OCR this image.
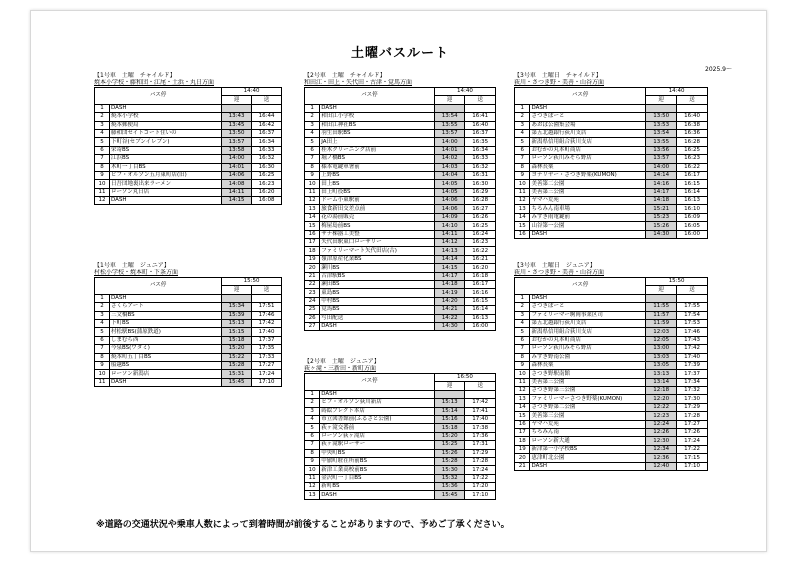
土曜バスルート
2025.9～
【1号車　土曜　チャイルド】
焼本小学校・藤和団・江尾・土浜・丸日方面
バス停		14:40	
		迎	送
1	DASH		
2	焼本小学校	13:43	16:44
3	焼本郵便局	13:45	16:42
4	藤和団セイトコート住いの	13:50	16:37
5	下町谷(セブンイレブン)	13:57	16:34
6	栄寄BS	13:58	16:33
7	江浜BS	14:00	16:32
8	木町一丁目BS	14:01	16:30
9	ビフ・オルゾン五月東町店(旧)	14:06	16:25
10	日吾団地裏出来ラーメン	14:08	16:23
11	ローソン丸日店	14:11	16:20
12	DASH	14:15	16:08
【2号車　土曜　チャイルド】
和田江・田上・矢代田・古津・覚馬方面
バス停		14:40	
		迎	送
1	DASH		
2	和田江小学校	13:54	16:41
3	和田江神社BS	13:55	16:40
4	羽生田駅BS	13:57	16:37
5	JA田上	14:00	16:35
6	桂木クリーニング店前	14:01	16:34
7	堀ノ橋BS	14:02	16:33
8	様本電鍵軍署前	14:03	16:32
9	上野BS	14:04	16:31
10	田上BS	14:05	16:30
11	田上町役BS	14:05	16:29
12	ドーム小東駅前	14:06	16:28
13	旅食新田交差点前	14:06	16:27
14	花の湯前販売	14:09	16:26
15	梅屋島前BS	14:10	16:25
16	ザナ梯器工美整	14:11	16:24
17	矢代田駅東口ローザリー	14:12	16:23
18	ファミリーマート矢代田店(古)	14:13	16:22
19	嶺津原産化業BS	14:14	16:21
20	瀬川BS	14:15	16:20
21	古津駅BS	14:17	16:18
22	瀬田BS	14:18	16:17
23	東島BS	14:19	16:16
24	中村BS	14:20	16:15
25	覚馬BS	14:21	16:14
26	写田配送	14:22	16:13
27	DASH	14:30	16:00
【3号車　土曜日　チャイルド】
荻川・さつき野・美善・山谷方面
バス停		14:40	
		迎	送
1	DASH		
2	さつきぽーと	13:50	16:40
3	あおば公園集会場	13:53	16:38
4	第五北越銀行荻川支店	13:54	16:36
5	新潟県信用組合荻川支店	13:55	16:28
6	おむかの丸本町商店	13:56	16:25
7	ローソン荻川みそら野店	13:57	16:23
8	森林長薬	14:00	16:22
9	ヨナリヤー・さつき野薬(KUMON)	14:14	16:17
10	美善第二公園	14:16	16:15
11	美善第三公園	14:17	16:14
12	ヤマハ荒苑	14:18	16:13
13	ちろみん南車場	15:21	16:10
14	みずき雨電鍵前	15:23	16:09
15	山谷第一公園	15:26	16:05
16	DASH	14:30	16:00
【1号車　土曜　ジュニア】
村松小学校・焼本町・下条方面
バス停		15:50	
		迎	送
1	DASH		
2	さくらアート	15:34	17:51
3	三文橋BS	15:39	17:46
4	下町BS	15:13	17:42
5	村松駅BS(蒲原鉄道)	15:15	17:40
6	しまむら西	15:18	17:37
7	今泉BS(ワタミ)	15:20	17:35
8	焼本町五丁目BS	15:22	17:33
9	船越BS	15:28	17:27
10	ローソン新潟店	15:31	17:24
11	DASH	15:45	17:10
【2号車　土曜　ジュニア】
荻ヶ滝・三新田・新町方面
バス停		16:50	
		迎	送
1	DASH		
2	ヒフ・オルゾン荻川新店	15:13	17:42
3	蒔絵ブレクト本店	15:14	17:41
4	市立図書館前(ふるさと公園)	15:16	17:40
5	荻ヶ滝交番前	15:18	17:38
6	ローソン荻ヶ滝店	15:20	17:36
7	荻ヶ滝駅ローザー	15:25	17:31
8	中央町BS	15:26	17:29
9	中旅町駐在所前BS	15:28	17:28
10	新津工業高校前BS	15:30	17:24
11	金沢町一丁目BS	15:32	17:22
12	新町BS	15:36	17:20
13	DASH	15:45	17:10
【3号車　土曜日　ジュニア】
荻川・さつき野・美善・山谷方面
バス停		15:50	
		迎	送
1	DASH		
2	さつきぽーと	11:55	17:55
3	ファミリーマー駒岡事業区司	11:57	17:54
4	第五北越銀行荻川支店	11:59	17:53
5	新潟県信用組合荻川支店	12:03	17:46
6	おむかの丸本町商店	12:05	17:43
7	ローソン荻川みそら野店	13:00	17:42
8	みずき野南公園	13:03	17:40
9	森林長薬	13:05	17:39
10	さつき野駅南館	13:13	17:37
11	美善第三公園	13:14	17:34
12	さつき野第三公園	12:18	17:32
13	ファミリーマーさつき野薬(KUMON)	12:20	17:30
14	さつき野第二公園	12:22	17:29
15	美善第三公園	12:23	17:28
16	ヤマハ荒苑	12:24	17:27
17	ちろみん南	12:26	17:26
18	ローソン新大通	12:30	17:24
19	新津第一小学校BS	12:34	17:22
20	恵津町北公園	12:36	17:15
21	DASH	12:40	17:10
※道路の交通状況や乗車人数によって到着時間が前後することがありますので、予めご了承ください。
